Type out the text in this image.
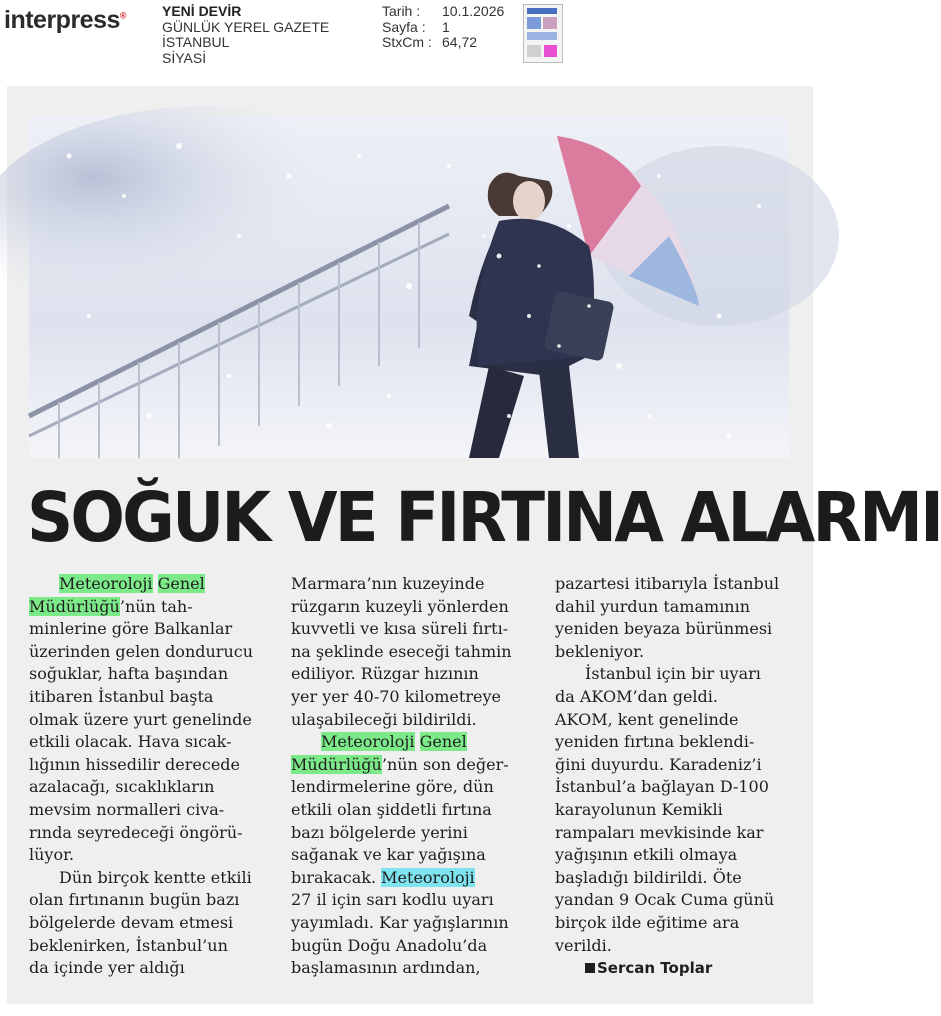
interpress®	YENİ DEVİR
GÜNLÜK YEREL GAZETE
İSTANBUL
SİYASİ
Tarih :	10.1.2026
Sayfa :	1
StxCm : 64,72
SOĞUK VE FIRTINA ALARMI
Meteoroloji Genel
Müdürlüğü’nün tah-
minlerine göre Balkanlar
üzerinden gelen dondurucu
soğuklar, hafta başından
itibaren İstanbul başta
olmak üzere yurt genelinde
etkili olacak. Hava sıcak-
lığının hissedilir derecede
azalacağı, sıcaklıkların
mevsim normalleri civa-
rında seyredeceği öngörü-
lüyor.
Dün birçok kentte etkili
olan fırtınanın bugün bazı
bölgelerde devam etmesi
beklenirken, İstanbul’un
da içinde yer aldığı
Marmara’nın kuzeyinde
rüzgarın kuzeyli yönlerden
kuvvetli ve kısa süreli fırtı-
na şeklinde eseceği tahmin
ediliyor. Rüzgar hızının
yer yer 40-70 kilometreye
ulaşabileceği bildirildi.
Meteoroloji Genel
Müdürlüğü’nün son değer-
lendirmelerine göre, dün
etkili olan şiddetli fırtına
bazı bölgelerde yerini
sağanak ve kar yağışına
bırakacak. Meteoroloji
27 il için sarı kodlu uyarı
yayımladı. Kar yağışlarının
bugün Doğu Anadolu’da
başlamasının ardından,
pazartesi itibarıyla İstanbul
dahil yurdun tamamının
yeniden beyaza bürünmesi
bekleniyor.
İstanbul için bir uyarı
da AKOM’dan geldi.
AKOM, kent genelinde
yeniden fırtına beklendi-
ğini duyurdu. Karadeniz’i
İstanbul’a bağlayan D-100
karayolunun Kemikli
rampaları mevkisinde kar
yağışının etkili olmaya
başladığı bildirildi. Öte
yandan 9 Ocak Cuma günü
birçok ilde eğitime ara
verildi.
Sercan Toplar
